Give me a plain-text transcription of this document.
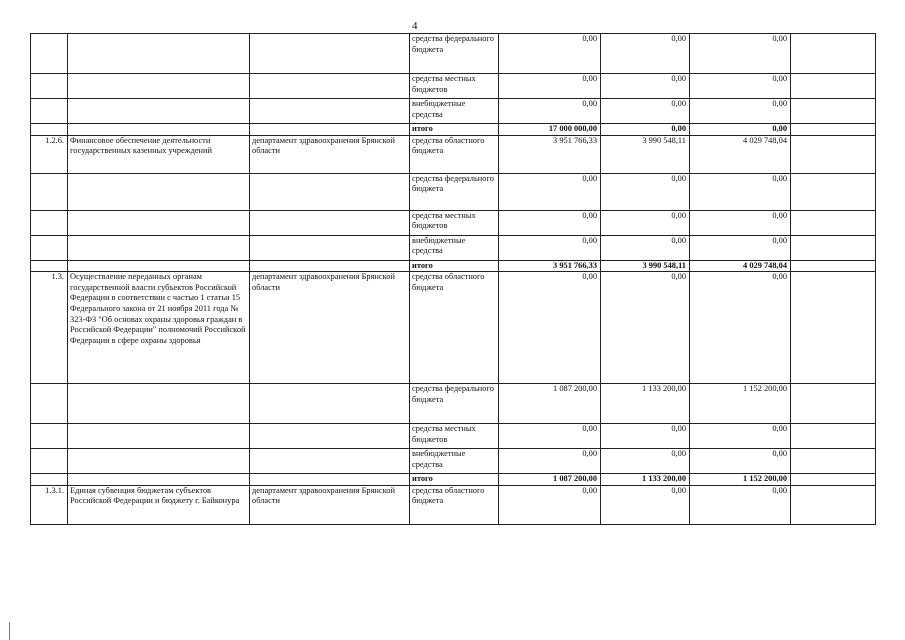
4
			средства федерального бюджета	0,00	0,00	0,00	
			средства местных бюджетов	0,00	0,00	0,00	
			внебюджетные средства	0,00	0,00	0,00	
			итого	17 000 000,00	0,00	0,00	
1.2.6.	Финансовое обеспечение деятельности государственных казенных учреждений	департамент здравоохранения Брянской области	средства областного бюджета	3 951 766,33	3 990 548,11	4 029 748,04	
			средства федерального бюджета	0,00	0,00	0,00	
			средства местных бюджетов	0,00	0,00	0,00	
			внебюджетные средства	0,00	0,00	0,00	
			итого	3 951 766,33	3 990 548,11	4 029 748,04	
1.3.	Осуществление переданных органам государственной власти субъектов Российской Федерации в соответствии с частью 1 статьи 15 Федерального закона от 21 ноября 2011 года № 323-ФЗ "Об основах охраны здоровья граждан в Российской Федерации" полномочий Российской Федерации в сфере охраны здоровья	департамент здравоохранения Брянской области	средства областного бюджета	0,00	0,00	0,00	
			средства федерального бюджета	1 087 200,00	1 133 200,00	1 152 200,00	
			средства местных бюджетов	0,00	0,00	0,00	
			внебюджетные средства	0,00	0,00	0,00	
			итого	1 087 200,00	1 133 200,00	1 152 200,00	
1.3.1.	Единая субвенция бюджетам субъектов Российской Федерации и бюджету г. Байконура	департамент здравоохранения Брянской области	средства областного бюджета	0,00	0,00	0,00	
